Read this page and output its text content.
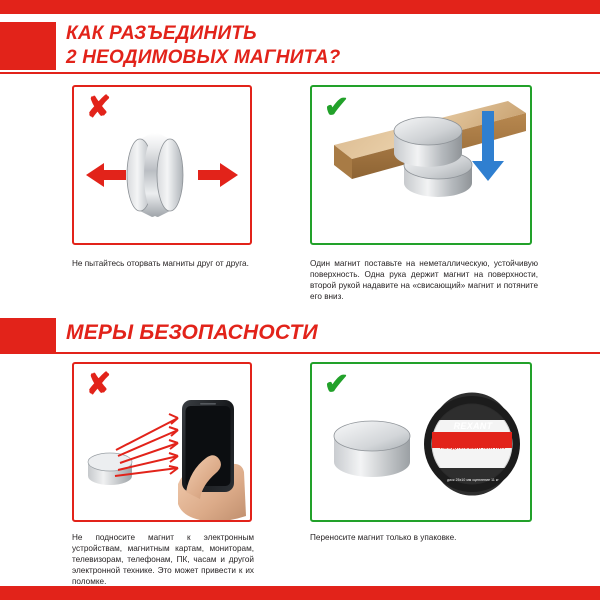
КАК РАЗЪЕДИНИТЬ
2 НЕОДИМОВЫХ МАГНИТА?
✘
Не пытайтесь оторвать магниты друг от друга.
✔
Один магнит поставьте на неметаллическую, устойчивую поверхность. Одна рука держит магнит на поверхности, второй рукой надавите на «свисающий» магнит и потяните его вниз.
МЕРЫ БЕЗОПАСНОСТИ
✘
Не подносите магнит к электронным устройствам, магнитным картам, мониторам, телевизорам, телефонам, ПК, часам и другой электронной технике. Это может привести к их поломке.
✔
REXANT
НЕОДИМОВЫЙ МАГНИТ
диск 25х10 мм сцепление 11 кг
Переносите магнит только в упаковке.
